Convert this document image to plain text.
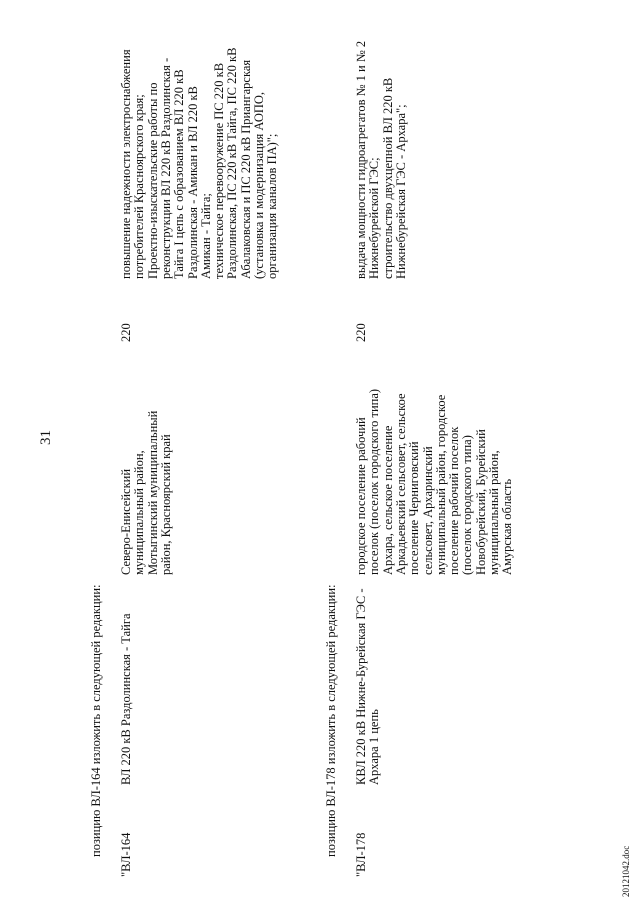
31
позицию ВЛ-164 изложить в следующей редакции: "ВЛ-164
ВЛ 220 кВ Раздолинская - Тайга
Северо-Енисейский муниципальный район, Мотыгинский муниципальный район, Красноярский край
220
повышение надежности электроснабжения потребителей Красноярского края; Проектно-изыскательские работы по реконструкции ВЛ 220 кВ Раздолинская - Тайга I цепь с образованием ВЛ 220 кВ Раздолинская - Амикан и ВЛ 220 кВ Амикан - Тайга; техническое перевооружение ПС 220 кВ Раздолинская, ПС 220 кВ Тайга, ПС 220 кВ Абалаковская и ПС 220 кВ Приангарская (установка и модернизация АОПО, организация каналов ПА)";
позицию ВЛ-178 изложить в следующей редакции: "ВЛ-178
КВЛ 220 кВ Нижне-Бурейская ГЭС - Архара 1 цепь
городское поселение рабочий поселок (поселок городского типа) Архара, сельское поселение Аркадьевский сельсовет, сельское поселение Черниговский сельсовет, Архаринский муниципальный район, городское поселение рабочий поселок (поселок городского типа) Новобурейский, Бурейский муниципальный район, Амурская область
220
выдача мощности гидроагрегатов № 1 и № 2 Нижнебурейской ГЭС; строительство двухцепной ВЛ 220 кВ Нижнебурейская ГЭС - Архара";
20121042.doc
